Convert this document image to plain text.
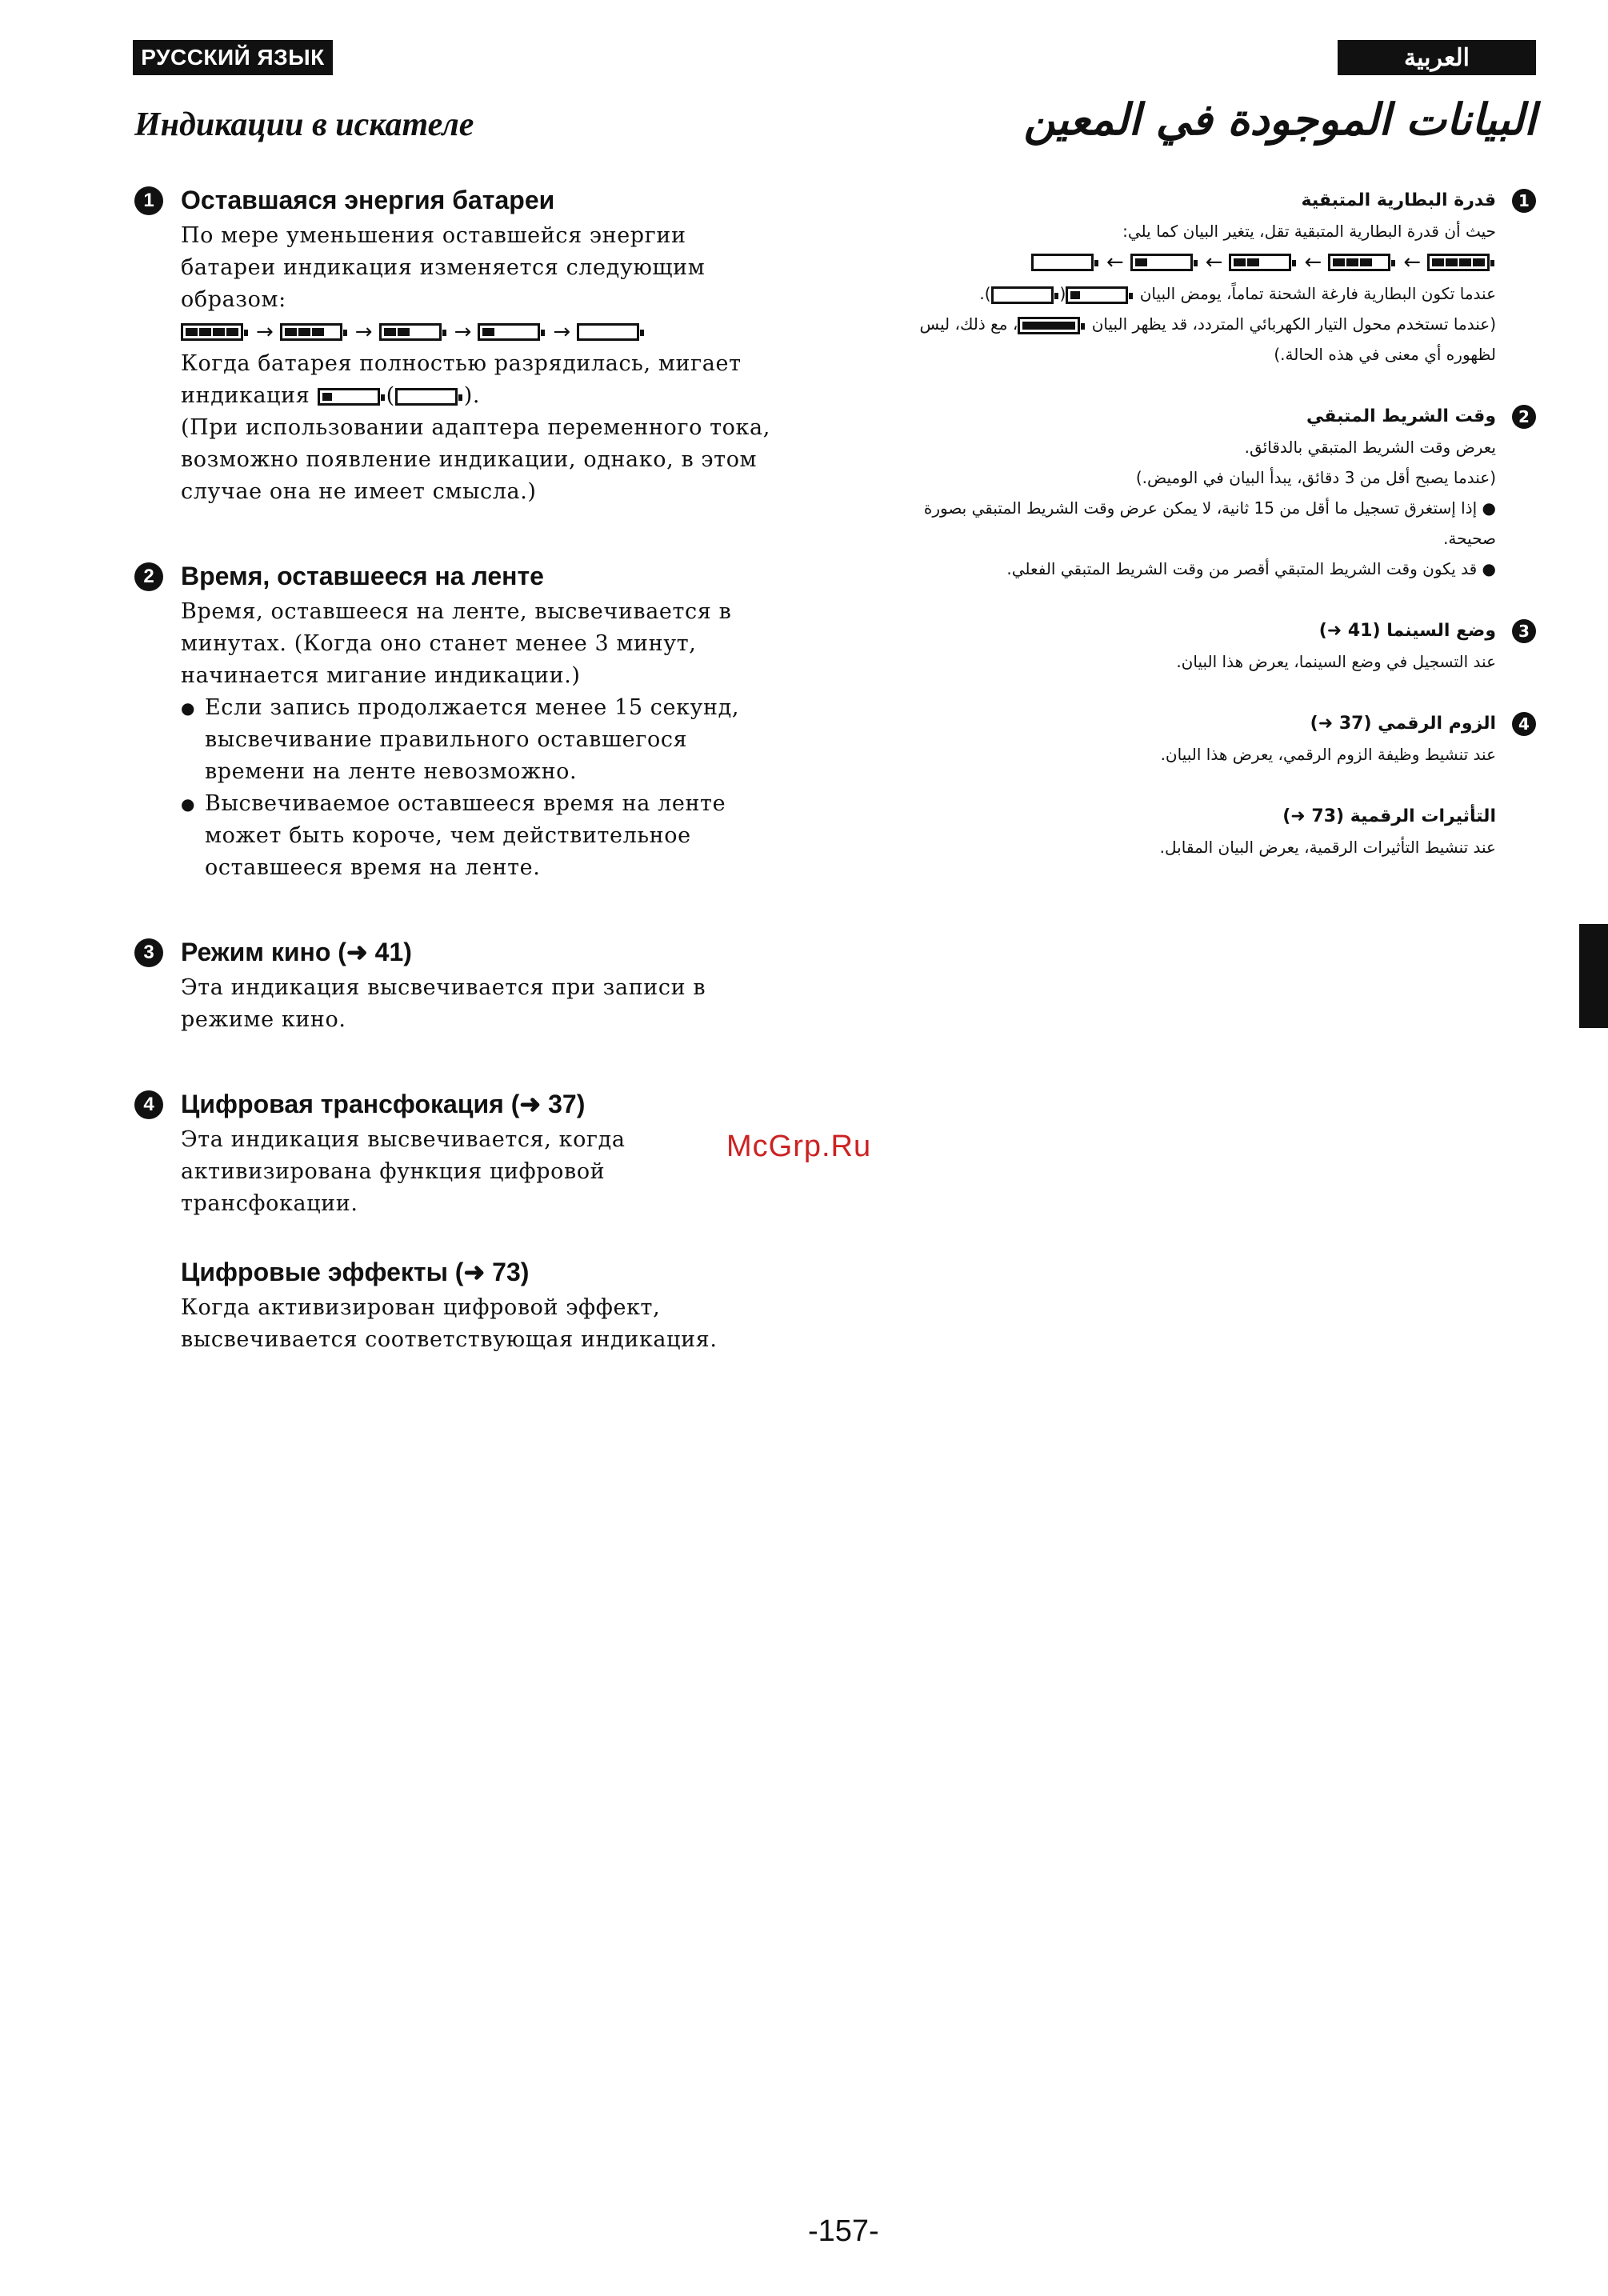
РУССКИЙ ЯЗЫК	العربية
Индикации в искателе	البيانات الموجودة في المعين
1	Оставшаяся энергия батареи

По мере уменьшения оставшейся энергии батареи индикация изменяется следующим образом:

→	→	→	→

Когда батарея полностью разрядилась, мигает индикация	(	).

(При использовании адаптера переменного тока, возможно появление индикации, однако, в этом случае она не имеет смысла.)

2	Время, оставшееся на ленте

Время, оставшееся на ленте, высвечивается в минутах. (Когда оно станет менее 3 минут, начинается мигание индикации.)

● Если запись продолжается менее 15 секунд, высвечивание правильного оставшегося времени на ленте невозможно.

● Высвечиваемое оставшееся время на ленте может быть короче, чем действительное оставшееся время на ленте.

3	Режим кино (➜ 41)

Эта индикация высвечивается при записи в режиме кино.

4	Цифровая трансфокация (➜ 37)

Эта индикация высвечивается, когда активизирована функция цифровой трансфокации.

Цифровые эффекты (➜ 73)

Когда активизирован цифровой эффект, высвечивается соответствующая индикация.

1
قدرة البطارية المتبقية

حيث أن قدرة البطارية المتبقية تقل، يتغير البيان كما يلي:

←	←	←	←

عندما تكون البطارية فارغة الشحنة تماماً، يومض البيان
().

(عندما تستخدم محول التيار الكهربائي المتردد، قد يظهر البيان
، مع ذلك، ليس لظهوره أي معنى في هذه الحالة.)

2
وقت الشريط المتبقي

يعرض وقت الشريط المتبقي بالدقائق.

(عندما يصبح أقل من 3 دقائق، يبدأ البيان في الوميض.)

● إذا إستغرق تسجيل ما أقل من 15 ثانية، لا يمكن عرض وقت الشريط المتبقي بصورة صحيحة.

● قد يكون وقت الشريط المتبقي أقصر من وقت الشريط المتبقي الفعلي.

3
وضع السينما (41 ➜)

عند التسجيل في وضع السينما، يعرض هذا البيان.

4
الزوم الرقمي (37 ➜)

عند تنشيط وظيفة الزوم الرقمي، يعرض هذا البيان.

التأثيرات الرقمية (73 ➜)

عند تنشيط التأثيرات الرقمية، يعرض البيان المقابل.

McGrp.Ru
-157-
